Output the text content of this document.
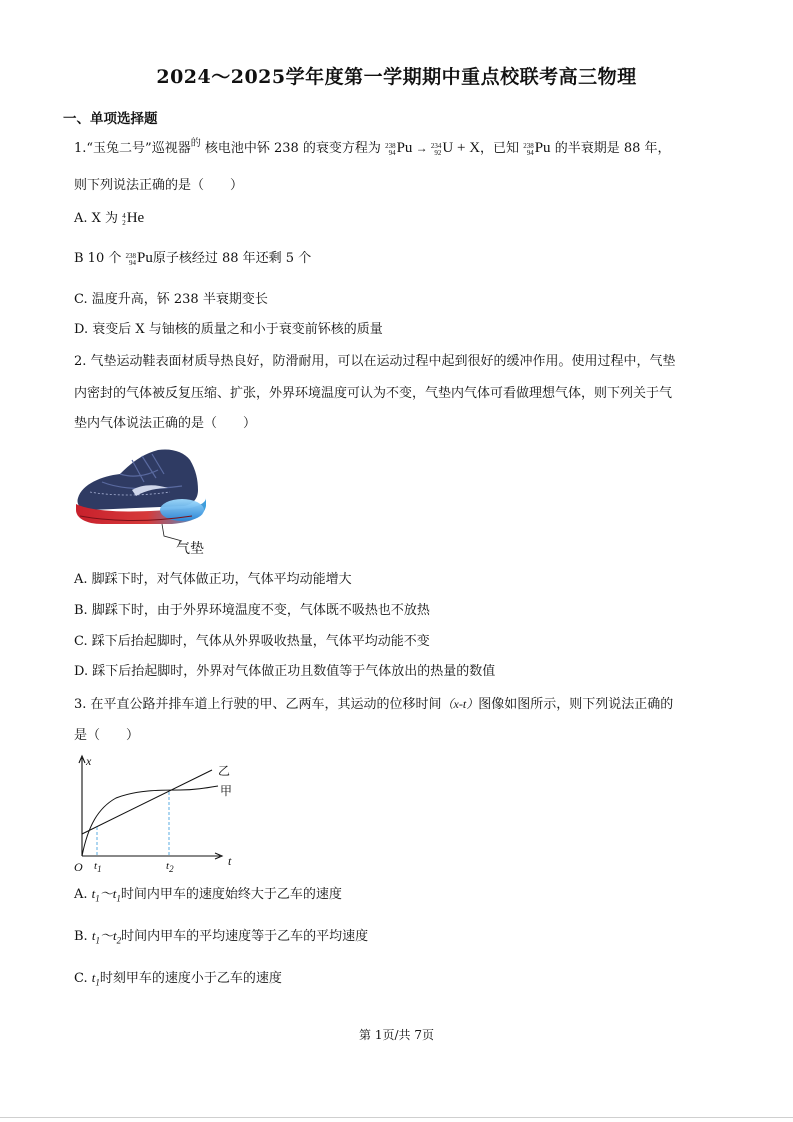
2024～2025学年度第一学期期中重点校联考高三物理
一、单项选择题
1.“玉兔二号”巡视器$^的$ 核电池中钚 238 的衰变方程为 238
94 Pu → 234
92 U + X，已知 238
94 Pu 的半衰期是 88 年，
则下列说法正确的是（　　）
A. X 为 4
2 He
B 10 个 238
94 Pu原子核经过 88 年还剩 5 个
C. 温度升高，钚 238 半衰期变长
D. 衰变后 X 与铀核的质量之和小于衰变前钚核的质量
2. 气垫运动鞋表面材质导热良好，防滑耐用，可以在运动过程中起到很好的缓冲作用。使用过程中，气垫
内密封的气体被反复压缩、扩张，外界环境温度可认为不变，气垫内气体可看做理想气体，则下列关于气
垫内气体说法正确的是（　　）
气垫
A. 脚踩下时，对气体做正功，气体平均动能增大
B. 脚踩下时，由于外界环境温度不变，气体既不吸热也不放热
C. 踩下后抬起脚时，气体从外界吸收热量，气体平均动能不变
D. 踩下后抬起脚时，外界对气体做正功且数值等于气体放出的热量的数值
3. 在平直公路并排车道上行驶的甲、乙两车，其运动的位移时间（x-t）图像如图所示，则下列说法正确的
是（　　）
x
t
O $t_1$	$t_2$
乙
甲
A. $t_1\sim t_1$时间内甲车的速度始终大于乙车的速度
B. $t_1\sim t_2$时间内甲车的平均速度等于乙车的平均速度
C. $t_1$时刻甲车的速度小于乙车的速度
第 1页/共 7页
